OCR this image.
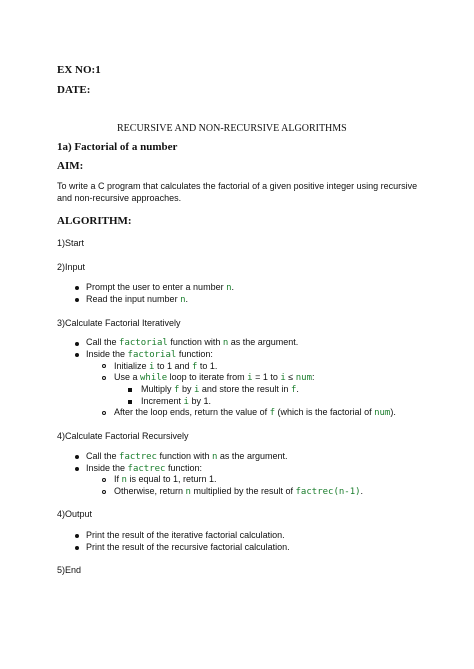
EX NO:1
DATE:
RECURSIVE AND NON-RECURSIVE ALGORITHMS
1a) Factorial of a number
AIM:
To write a C program that calculates the factorial of a given positive integer using recursive
and non-recursive approaches.
ALGORITHM:
1)Start
2)Input
Prompt the user to enter a number n.
Read the input number n.
3)Calculate Factorial Iteratively
Call the factorial function with n as the argument.
Inside the factorial function:
Initialize i to 1 and f to 1.
Use a while loop to iterate from i = 1 to i ≤ num:
Multiply f by i and store the result in f.
Increment i by 1.
After the loop ends, return the value of f (which is the factorial of num).
4)Calculate Factorial Recursively
Call the factrec function with n as the argument.
Inside the factrec function:
If n is equal to 1, return 1.
Otherwise, return n multiplied by the result of factrec(n-1).
4)Output
Print the result of the iterative factorial calculation.
Print the result of the recursive factorial calculation.
5)End
